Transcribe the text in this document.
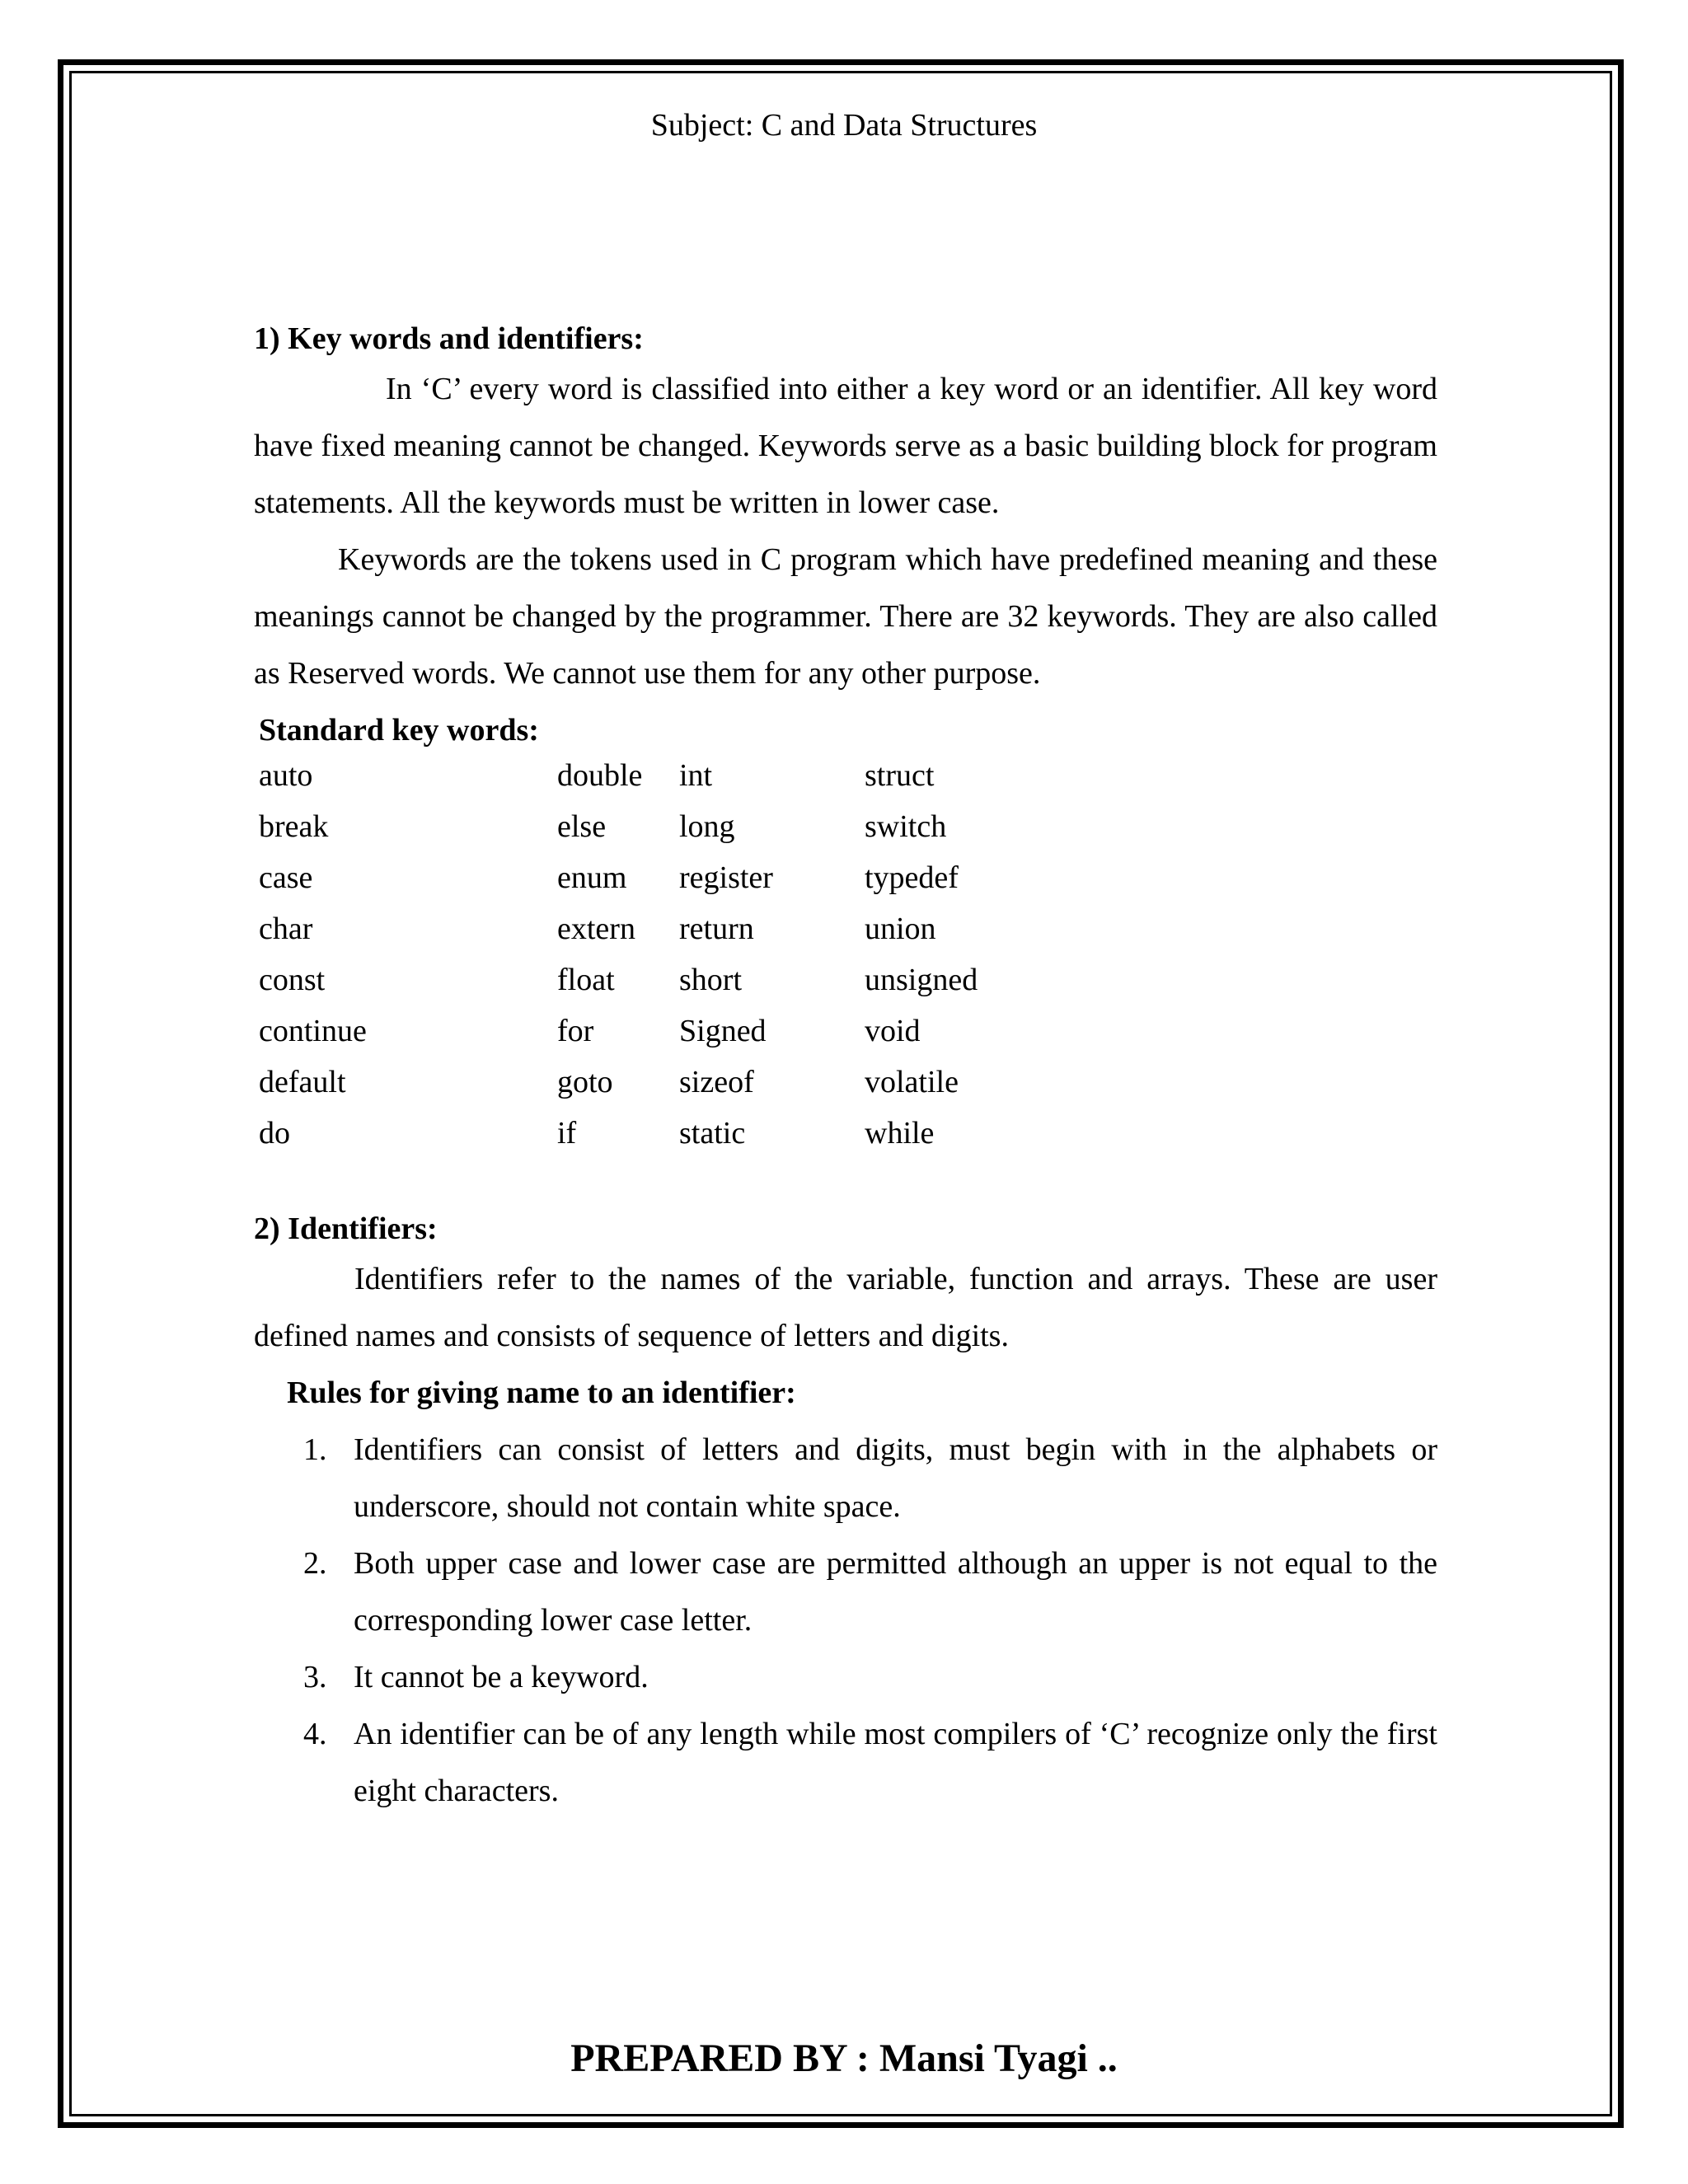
Subject: C and Data Structures

1) Key words and identifiers:

In ‘C’ every word is classified into either a key word or an identifier. All key word have fixed meaning cannot be changed. Keywords serve as a basic building block for program statements. All the keywords must be written in lower case.

Keywords are the tokens used in C program which have predefined meaning and these meanings cannot be changed by the programmer. There are 32 keywords. They are also called as Reserved words. We cannot use them for any other purpose.

Standard key words:

auto	double	int	struct
break	else	long	switch
case	enum	register	typedef
char	extern	return	union
const	float	short	unsigned
continue	for	Signed	void
default	goto	sizeof	volatile
do	if	static	while

2) Identifiers:

Identifiers refer to the names of the variable, function and arrays. These are user defined names and consists of sequence of letters and digits.

Rules for giving name to an identifier:

1. Identifiers can consist of letters and digits, must begin with in the alphabets or underscore, should not contain white space.
2. Both upper case and lower case are permitted although an upper is not equal to the corresponding lower case letter.
3. It cannot be a keyword.
4. An identifier can be of any length while most compilers of ‘C’ recognize only the first eight characters.
PREPARED BY : Mansi Tyagi ..
